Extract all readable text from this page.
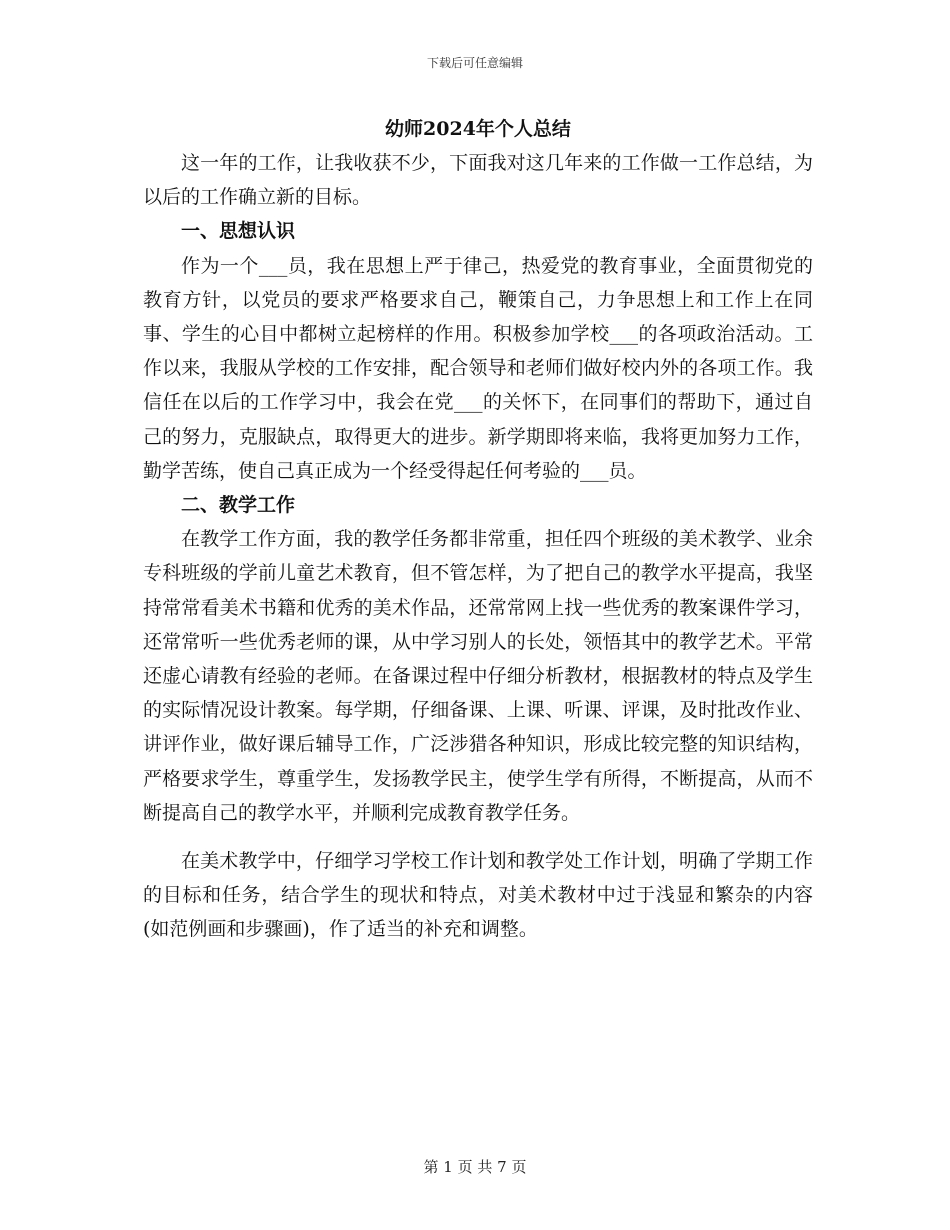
下载后可任意编辑
幼师2024年个人总结

这一年的工作，让我收获不少，下面我对这几年来的工作做一工作总结，为以后的工作确立新的目标。

一、思想认识

作为一个___员，我在思想上严于律己，热爱党的教育事业，全面贯彻党的教育方针，以党员的要求严格要求自己，鞭策自己，力争思想上和工作上在同事、学生的心目中都树立起榜样的作用。积极参加学校___的各项政治活动。工作以来，我服从学校的工作安排，配合领导和老师们做好校内外的各项工作。我信任在以后的工作学习中，我会在党___的关怀下，在同事们的帮助下，通过自己的努力，克服缺点，取得更大的进步。新学期即将来临，我将更加努力工作，勤学苦练，使自己真正成为一个经受得起任何考验的___员。

二、教学工作

在教学工作方面，我的教学任务都非常重，担任四个班级的美术教学、业余专科班级的学前儿童艺术教育，但不管怎样，为了把自己的教学水平提高，我坚持常常看美术书籍和优秀的美术作品，还常常网上找一些优秀的教案课件学习，还常常听一些优秀老师的课，从中学习别人的长处，领悟其中的教学艺术。平常还虚心请教有经验的老师。在备课过程中仔细分析教材，根据教材的特点及学生的实际情况设计教案。每学期，仔细备课、上课、听课、评课，及时批改作业、讲评作业，做好课后辅导工作，广泛涉猎各种知识，形成比较完整的知识结构，严格要求学生，尊重学生，发扬教学民主，使学生学有所得，不断提高，从而不断提高自己的教学水平，并顺利完成教育教学任务。

在美术教学中，仔细学习学校工作计划和教学处工作计划，明确了学期工作的目标和任务，结合学生的现状和特点，对美术教材中过于浅显和繁杂的内容(如范例画和步骤画)，作了适当的补充和调整。

第 1 页 共 7 页
